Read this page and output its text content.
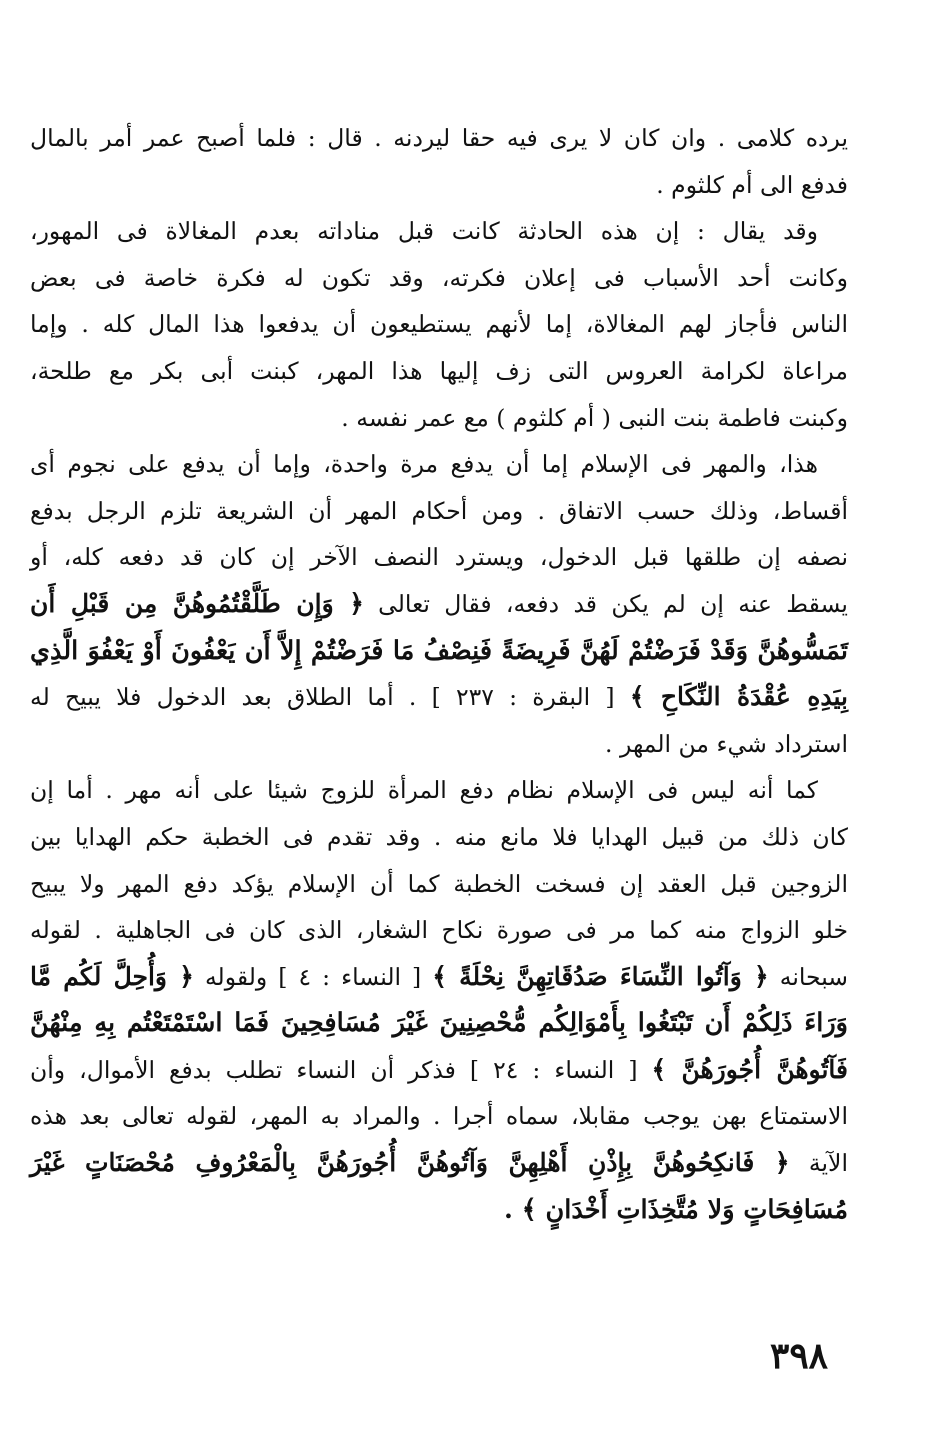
يرده كلامى . وان كان لا يرى فيه حقا ليردنه . قال : فلما أصبح عمر أمر بالمال
فدفع الى أم كلثوم .
وقد يقال : إن هذه الحادثة كانت قبل مناداته بعدم المغالاة فى المهور،
وكانت أحد الأسباب فى إعلان فكرته، وقد تكون له فكرة خاصة فى بعض
الناس فأجاز لهم المغالاة، إما لأنهم يستطيعون أن يدفعوا هذا المال كله . وإما
مراعاة لكرامة العروس التى زف إليها هذا المهر، كبنت أبى بكر مع طلحة،
وكبنت فاطمة بنت النبى ( أم كلثوم ) مع عمر نفسه .
هذا، والمهر فى الإسلام إما أن يدفع مرة واحدة، وإما أن يدفع على نجوم أى
أقساط، وذلك حسب الاتفاق . ومن أحكام المهر أن الشريعة تلزم الرجل بدفع
نصفه إن طلقها قبل الدخول، ويسترد النصف الآخر إن كان قد دفعه كله، أو
يسقط عنه إن لم يكن قد دفعه، فقال تعالى ﴿ وَإِن طَلَّقْتُمُوهُنَّ مِن قَبْلِ أَن
تَمَسُّوهُنَّ وَقَدْ فَرَضْتُمْ لَهُنَّ فَرِيضَةً فَنِصْفُ مَا فَرَضْتُمْ إِلاَّ أَن يَعْفُونَ أَوْ يَعْفُوَ الَّذِي
بِيَدِهِ عُقْدَةُ النِّكَاحِ ﴾ [ البقرة : ٢٣٧ ] . أما الطلاق بعد الدخول فلا يبيح له
استرداد شيء من المهر .
كما أنه ليس فى الإسلام نظام دفع المرأة للزوج شيئا على أنه مهر . أما إن
كان ذلك من قبيل الهدايا فلا مانع منه . وقد تقدم فى الخطبة حكم الهدايا بين
الزوجين قبل العقد إن فسخت الخطبة كما أن الإسلام يؤكد دفع المهر ولا يبيح
خلو الزواج منه كما مر فى صورة نكاح الشغار، الذى كان فى الجاهلية . لقوله
سبحانه ﴿ وَآتُوا النِّسَاءَ صَدُقَاتِهِنَّ نِحْلَةً ﴾ [ النساء : ٤ ] ولقوله ﴿ وَأُحِلَّ لَكُم مَّا
وَرَاءَ ذَلِكُمْ أَن تَبْتَغُوا بِأَمْوَالِكُم مُّحْصِنِينَ غَيْرَ مُسَافِحِينَ فَمَا اسْتَمْتَعْتُم بِهِ مِنْهُنَّ
فَآتُوهُنَّ أُجُورَهُنَّ ﴾ [ النساء : ٢٤ ] فذكر أن النساء تطلب بدفع الأموال، وأن
الاستمتاع بهن يوجب مقابلا، سماه أجرا . والمراد به المهر، لقوله تعالى بعد هذه
الآية ﴿ فَانكِحُوهُنَّ بِإِذْنِ أَهْلِهِنَّ وَآتُوهُنَّ أُجُورَهُنَّ بِالْمَعْرُوفِ مُحْصَنَاتٍ غَيْرَ
مُسَافِحَاتٍ وَلا مُتَّخِذَاتِ أَخْدَانٍ ﴾ .
٣٩٨
